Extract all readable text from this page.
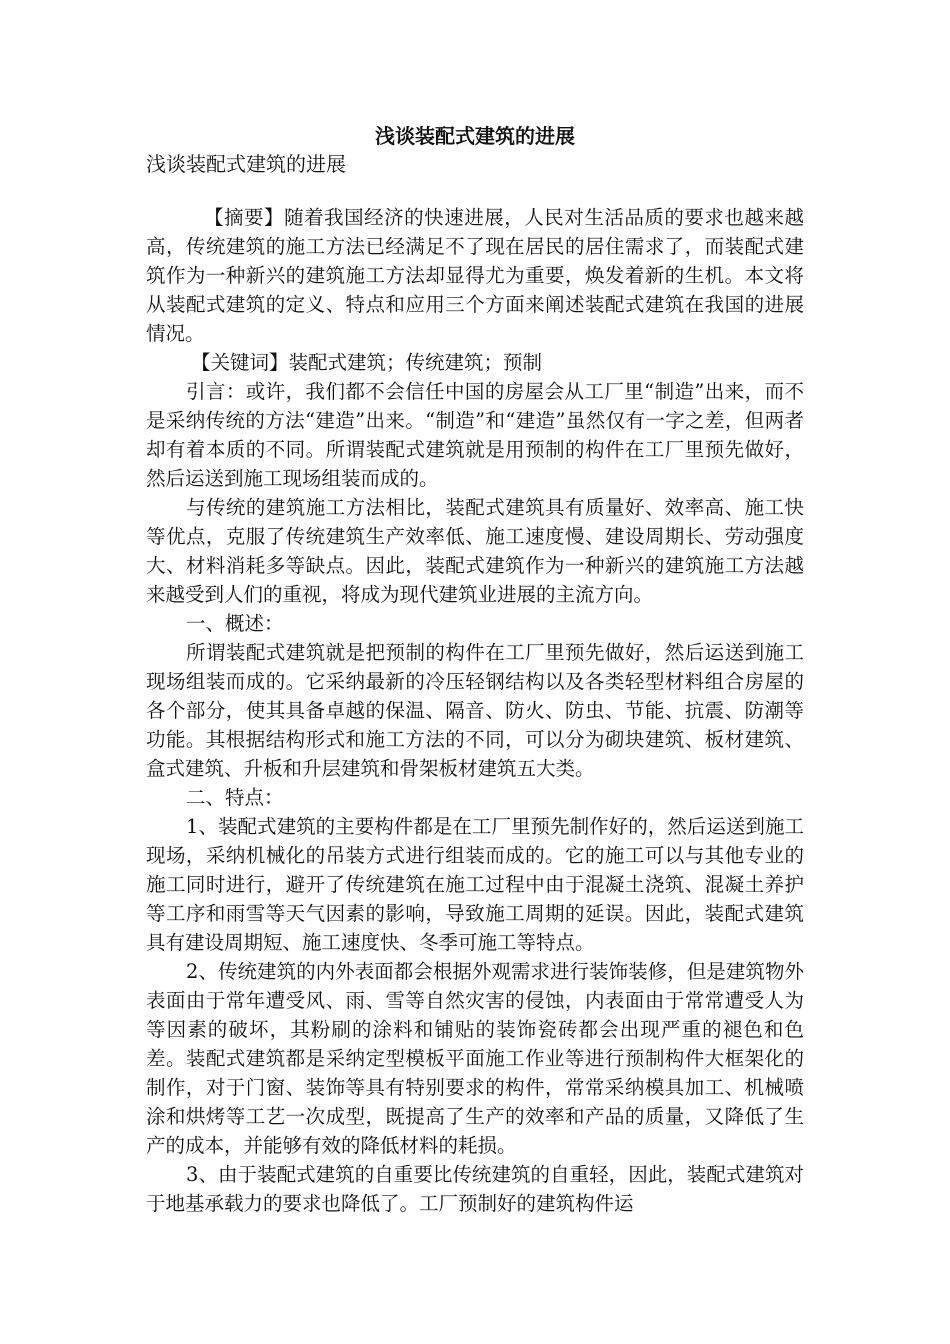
浅谈装配式建筑的进展
浅谈装配式建筑的进展

【摘要】随着我国经济的快速进展，人民对生活品质的要求也越来越高，传统建筑的施工方法已经满足不了现在居民的居住需求了，而装配式建筑作为一种新兴的建筑施工方法却显得尤为重要，焕发着新的生机。本文将从装配式建筑的定义、特点和应用三个方面来阐述装配式建筑在我国的进展情况。

【关键词】装配式建筑；传统建筑；预制

引言：或许，我们都不会信任中国的房屋会从工厂里“制造”出来，而不是采纳传统的方法“建造”出来。“制造”和“建造”虽然仅有一字之差，但两者却有着本质的不同。所谓装配式建筑就是用预制的构件在工厂里预先做好，然后运送到施工现场组装而成的。

与传统的建筑施工方法相比，装配式建筑具有质量好、效率高、施工快等优点，克服了传统建筑生产效率低、施工速度慢、建设周期长、劳动强度大、材料消耗多等缺点。因此，装配式建筑作为一种新兴的建筑施工方法越来越受到人们的重视，将成为现代建筑业进展的主流方向。

一、概述：

所谓装配式建筑就是把预制的构件在工厂里预先做好，然后运送到施工现场组装而成的。它采纳最新的冷压轻钢结构以及各类轻型材料组合房屋的各个部分，使其具备卓越的保温、隔音、防火、防虫、节能、抗震、防潮等功能。其根据结构形式和施工方法的不同，可以分为砌块建筑、板材建筑、盒式建筑、升板和升层建筑和骨架板材建筑五大类。

二、特点：

1、装配式建筑的主要构件都是在工厂里预先制作好的，然后运送到施工现场，采纳机械化的吊装方式进行组装而成的。它的施工可以与其他专业的施工同时进行，避开了传统建筑在施工过程中由于混凝土浇筑、混凝土养护等工序和雨雪等天气因素的影响，导致施工周期的延误。因此，装配式建筑具有建设周期短、施工速度快、冬季可施工等特点。

2、传统建筑的内外表面都会根据外观需求进行装饰装修，但是建筑物外表面由于常年遭受风、雨、雪等自然灾害的侵蚀，内表面由于常常遭受人为等因素的破坏，其粉刷的涂料和铺贴的装饰瓷砖都会出现严重的褪色和色差。装配式建筑都是采纳定型模板平面施工作业等进行预制构件大框架化的制作，对于门窗、装饰等具有特别要求的构件，常常采纳模具加工、机械喷涂和烘烤等工艺一次成型，既提高了生产的效率和产品的质量，又降低了生产的成本，并能够有效的降低材料的耗损。

3、由于装配式建筑的自重要比传统建筑的自重轻，因此，装配式建筑对于地基承载力的要求也降低了。工厂预制好的建筑构件运
